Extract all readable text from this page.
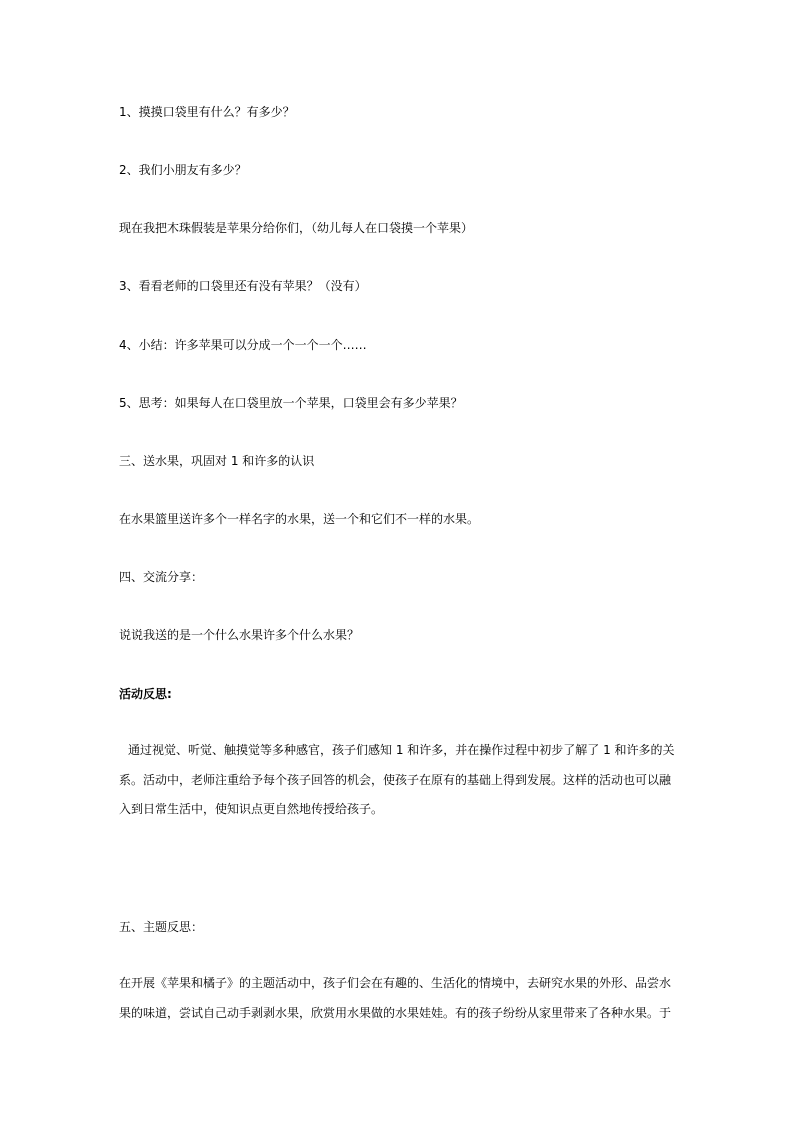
1、摸摸口袋里有什么？有多少？

2、我们小朋友有多少？

现在我把木珠假装是苹果分给你们，（幼儿每人在口袋摸一个苹果）

3、看看老师的口袋里还有没有苹果？（没有）

4、小结：许多苹果可以分成一个一个一个……

5、思考：如果每人在口袋里放一个苹果，口袋里会有多少苹果？

三、送水果，巩固对 1 和许多的认识

在水果篮里送许多个一样名字的水果，送一个和它们不一样的水果。

四、交流分享：

说说我送的是一个什么水果许多个什么水果？

活动反思:

通过视觉、听觉、触摸觉等多种感官，孩子们感知 1 和许多，并在操作过程中初步了解了 1 和许多的关系。活动中，老师注重给予每个孩子回答的机会，使孩子在原有的基础上得到发展。这样的活动也可以融入到日常生活中，使知识点更自然地传授给孩子。

五、主题反思：

在开展《苹果和橘子》的主题活动中，孩子们会在有趣的、生活化的情境中，去研究水果的外形、品尝水果的味道，尝试自己动手剥剥水果，欣赏用水果做的水果娃娃。有的孩子纷纷从家里带来了各种水果。于
